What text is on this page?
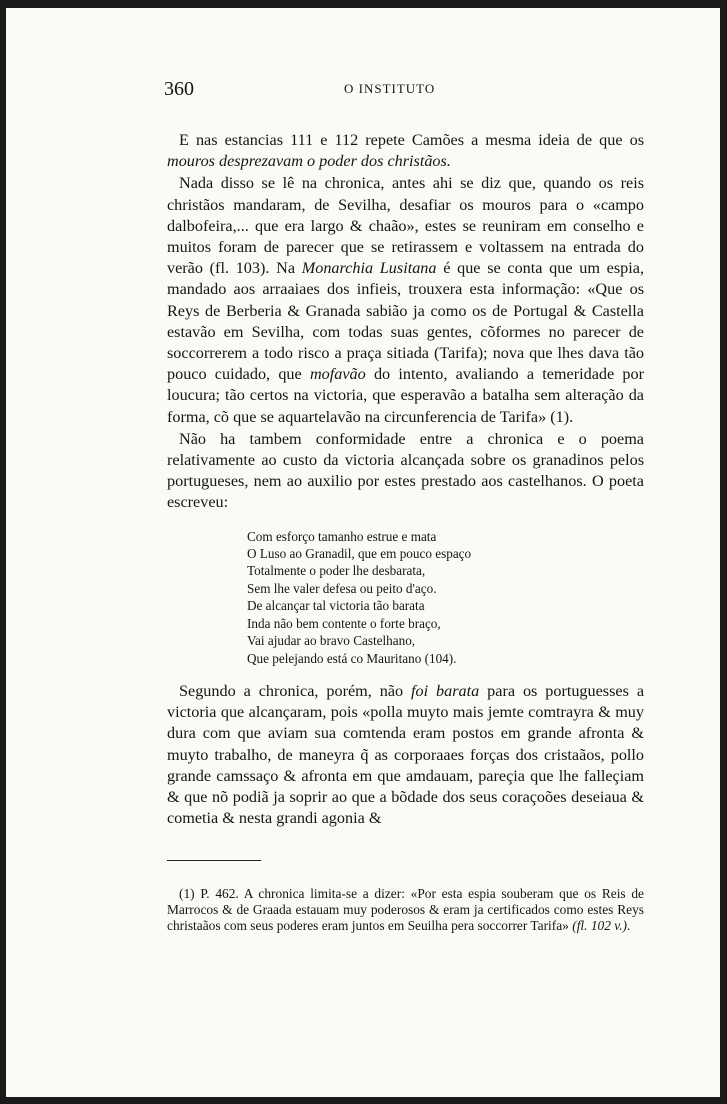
360	O INSTITUTO

E nas estancias 111 e 112 repete Camões a mesma ideia de que os mouros desprezavam o poder dos christãos.

Nada disso se lê na chronica, antes ahi se diz que, quando os reis christãos mandaram, de Sevilha, desafiar os mouros para o «campo dalbofeira,... que era largo & chaão», estes se reuniram em conselho e muitos foram de parecer que se retirassem e voltassem na entrada do verão (fl. 103). Na Monarchia Lusitana é que se conta que um espia, mandado aos arraaiaes dos infieis, trouxera esta informação: «Que os Reys de Berberia & Granada sabião ja como os de Portugal & Castella estavão em Sevilha, com todas suas gentes, cõformes no parecer de soccorrerem a todo risco a praça sitiada (Tarifa); nova que lhes dava tão pouco cuidado, que mofavão do intento, avaliando a temeridade por loucura; tão certos na victoria, que esperavão a batalha sem alteração da forma, cõ que se aquartelavão na circunferencia de Tarifa» (1).

Não ha tambem conformidade entre a chronica e o poema relativamente ao custo da victoria alcançada sobre os granadinos pelos portugueses, nem ao auxilio por estes prestado aos castelhanos. O poeta escreveu:

Com esforço tamanho estrue e mata
O Luso ao Granadil, que em pouco espaço
Totalmente o poder lhe desbarata,
Sem lhe valer defesa ou peito d'aço.
De alcançar tal victoria tão barata
Inda não bem contente o forte braço,
Vai ajudar ao bravo Castelhano,
Que pelejando está co Mauritano (104).

Segundo a chronica, porém, não foi barata para os portuguesses a victoria que alcançaram, pois «polla muyto mais jemte comtrayra & muy dura com que aviam sua comtenda eram postos em grande afronta & muyto trabalho, de maneyra q̃ as corporaaes forças dos cristaãos, pollo grande camssaço & afronta em que amdauam, pareçia que lhe falleçiam & que nõ podiã ja soprir ao que a bõdade dos seus coraçoões deseiaua & cometia & nesta grandi agonia &

(1) P. 462. A chronica limita-se a dizer: «Por esta espia souberam que os Reis de Marrocos & de Graada estauam muy poderosos & eram ja certificados como estes Reys christaãos com seus poderes eram juntos em Seuilha pera soccorrer Tarifa» (fl. 102 v.).
